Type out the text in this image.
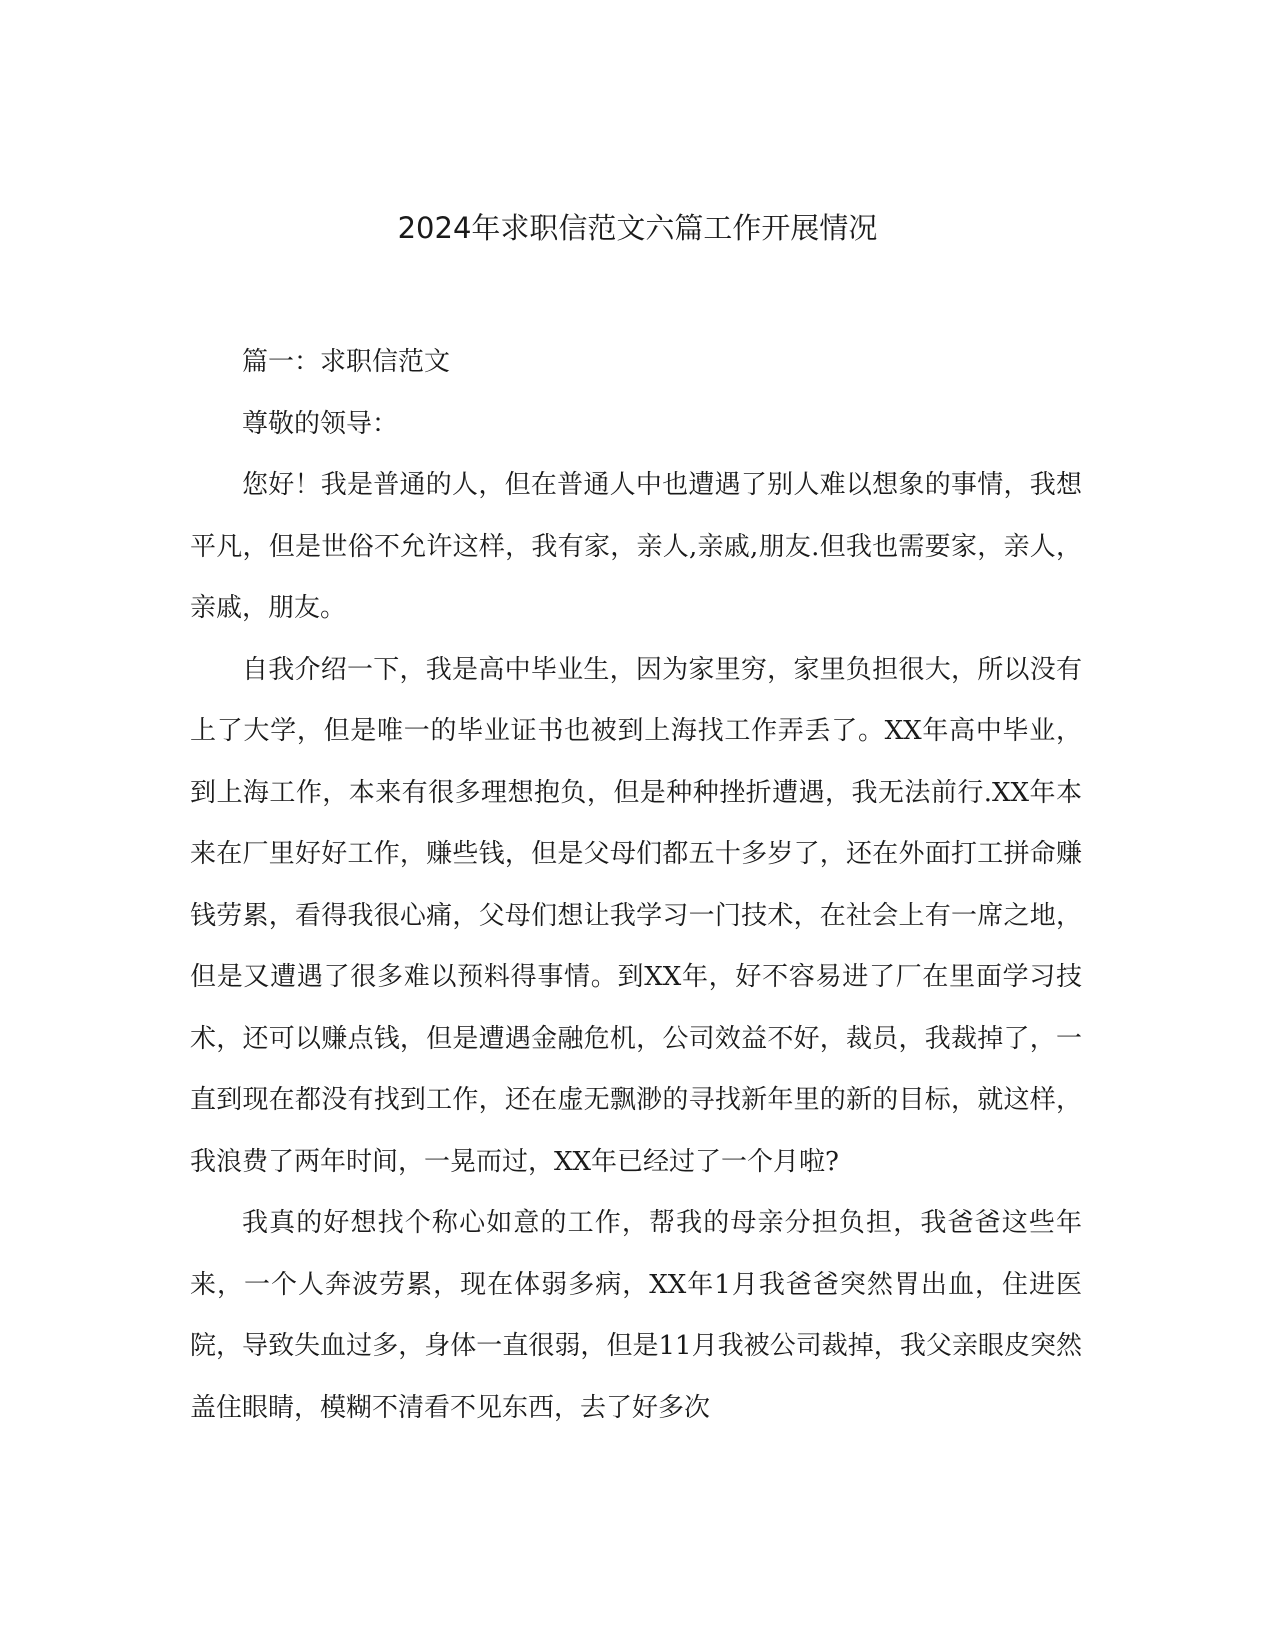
2024年求职信范文六篇工作开展情况

篇一：求职信范文

尊敬的领导：

您好！我是普通的人，但在普通人中也遭遇了别人难以想象的事情，我想平凡，但是世俗不允许这样，我有家，亲人,亲戚,朋友.但我也需要家，亲人，亲戚，朋友。

自我介绍一下，我是高中毕业生，因为家里穷，家里负担很大，所以没有上了大学，但是唯一的毕业证书也被到上海找工作弄丢了。XX年高中毕业，到上海工作，本来有很多理想抱负，但是种种挫折遭遇，我无法前行.XX年本来在厂里好好工作，赚些钱，但是父母们都五十多岁了，还在外面打工拼命赚钱劳累，看得我很心痛，父母们想让我学习一门技术，在社会上有一席之地，但是又遭遇了很多难以预料得事情。到XX年，好不容易进了厂在里面学习技术，还可以赚点钱，但是遭遇金融危机，公司效益不好，裁员，我裁掉了，一直到现在都没有找到工作，还在虚无飘渺的寻找新年里的新的目标，就这样，我浪费了两年时间，一晃而过，XX年已经过了一个月啦?

我真的好想找个称心如意的工作，帮我的母亲分担负担，我爸爸这些年来，一个人奔波劳累，现在体弱多病，XX年1月我爸爸突然胃出血，住进医院，导致失血过多，身体一直很弱，但是11月我被公司裁掉，我父亲眼皮突然盖住眼睛，模糊不清看不见东西，去了好多次
